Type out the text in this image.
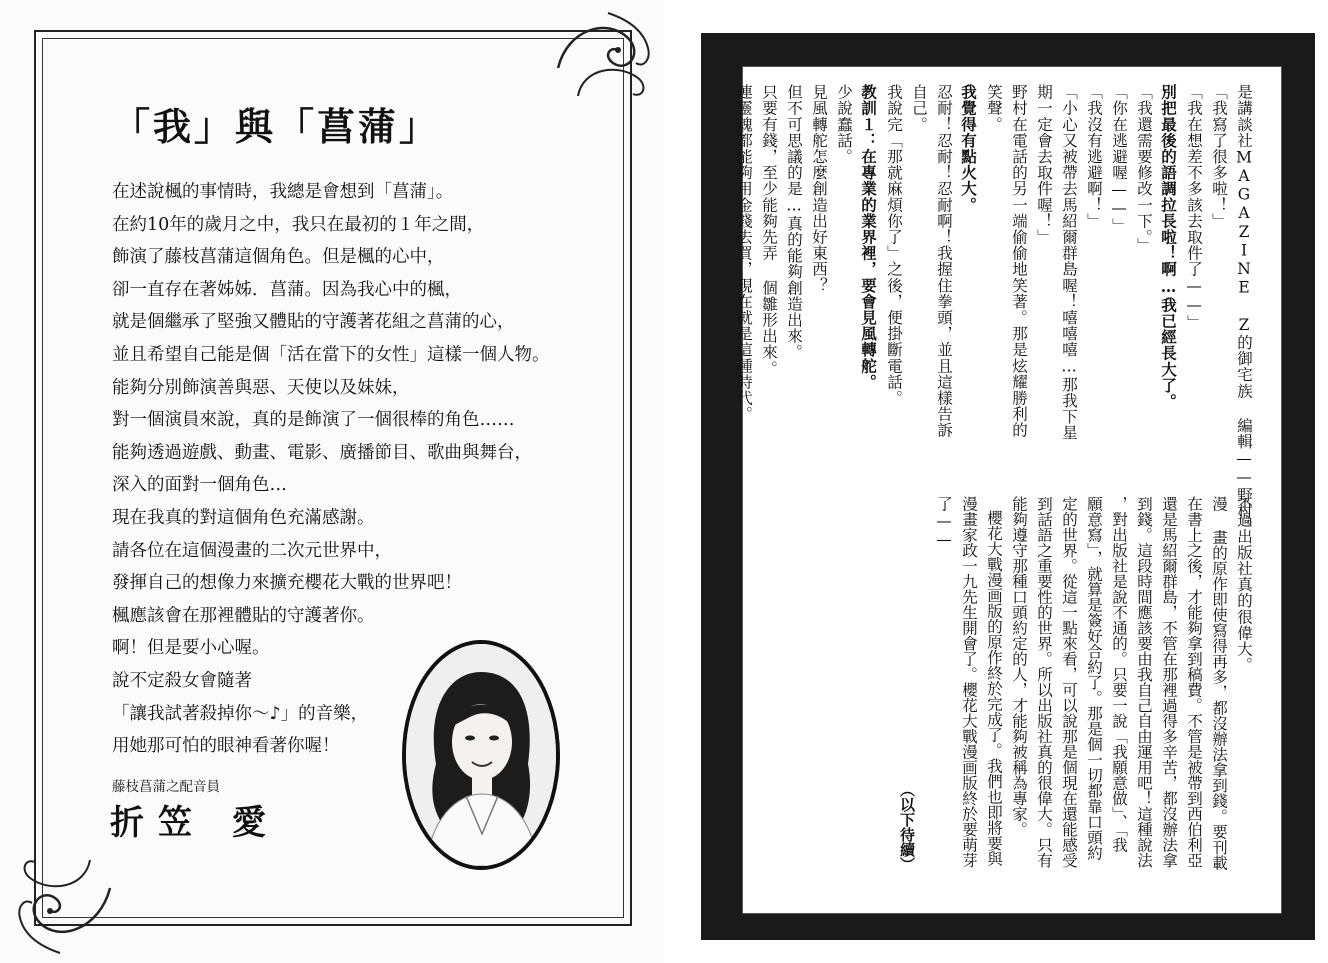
「我」與「菖蒲」
在述說楓的事情時，我總是會想到「菖蒲」。
在約10年的歲月之中，我只在最初的１年之間，
飾演了藤枝菖蒲這個角色。但是楓的心中，
卻一直存在著姊姊．菖蒲。因為我心中的楓，
就是個繼承了堅強又體貼的守護著花組之菖蒲的心，
並且希望自己能是個「活在當下的女性」這樣一個人物。
能夠分別飾演善與惡、天使以及妹妹，
對一個演員來說，真的是飾演了一個很棒的角色……
能夠透過遊戲、動畫、電影、廣播節目、歌曲與舞台，
深入的面對一個角色…
現在我真的對這個角色充滿感謝。
請各位在這個漫畫的二次元世界中，
發揮自己的想像力來擴充櫻花大戰的世界吧！
楓應該會在那裡體貼的守護著你。
啊！但是要小心喔。
說不定殺女會隨著
「讓我試著殺掉你～♪」的音樂，
用她那可怕的眼神看著你喔！
藤枝菖蒲之配音員
折笠 愛
是講談社MAGAZINE Z的御宅族 編輯——野村。
「我寫了很多啦！」
「我在想差不多該去取件了——」
別把最後的語調拉長啦！啊…我已經長大了。
「我還需要修改一下。」
「你在逃避喔——」
「我沒有逃避啊！」
「小心又被帶去馬紹爾群島喔！嘻嘻嘻…那我下星
期一定會去取件喔！」
野村在電話的另一端偷偷地笑著。那是炫耀勝利的
笑聲。
我覺得有點火大。
忍耐！忍耐！忍耐啊！我握住拳頭，並且這樣告訴
自己。
我說完「那就麻煩你了」之後，便掛斷電話。
教訓１：在專業的業界裡，要會見風轉舵。
少說蠢話。
見風轉舵怎麼創造出好東西？
但不可思議的是…真的能夠創造出來。
只要有錢，至少能夠先弄 個雛形出來。
連靈魂都能夠用金錢去買，現在就是這種時代。
不過出版社真的很偉大。
漫 畫的原作即使寫得再多，都沒辦法拿到錢。要刊載
在書上之後，才能夠拿到稿費。不管是被帶到西伯利亞
還是馬紹爾群島，不管在那裡過得多辛苦，都沒辦法拿
到錢。這段時間應該要由我自己自由運用吧！這種說法
，對出版社是說不通的。只要一說「我願意做」、「我
願意寫」，就算是簽好合約了。那是個一切都靠口頭約
定的世界。從這一點來看，可以說那是個現在還能感受
到話語之重要性的世界。所以出版社真的很偉大。只有
能夠遵守那種口頭約定的人，才能夠被稱為專家。
櫻花大戰漫画版的原作終於完成了。我們也即將要與
漫畫家政一九先生開會了。櫻花大戰漫画版終於要萌芽
了——
（以下待續）
